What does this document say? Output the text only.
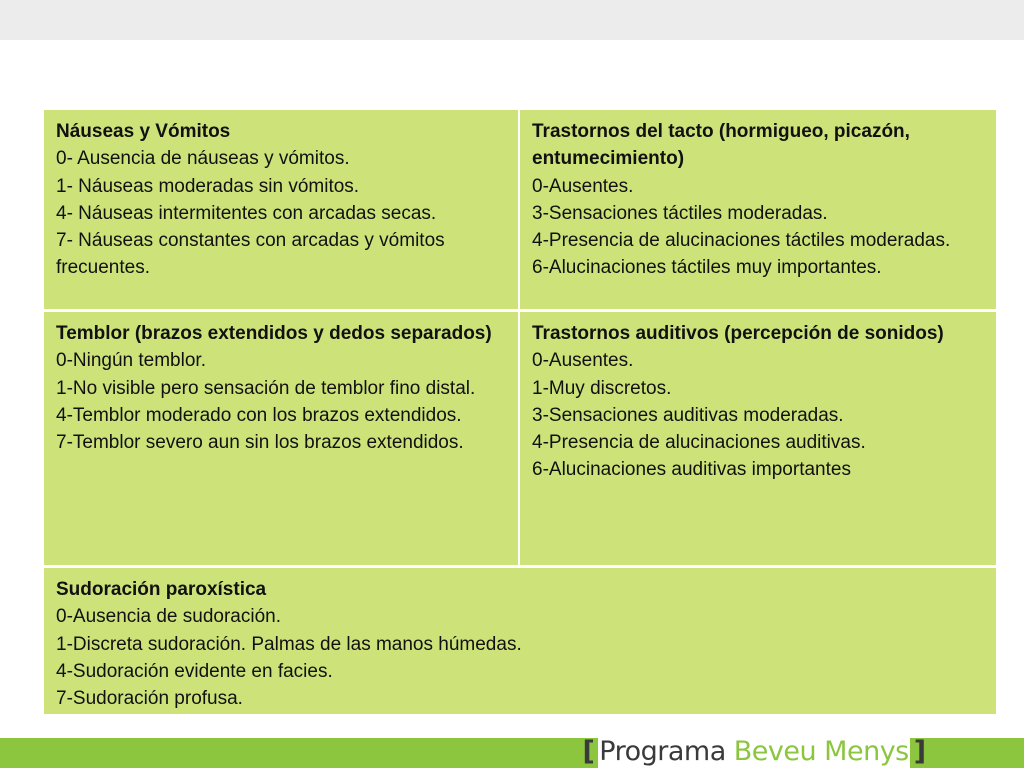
Náuseas y Vómitos
0- Ausencia de náuseas y vómitos.
1- Náuseas moderadas sin vómitos.
4- Náuseas intermitentes con arcadas secas.
7- Náuseas constantes con arcadas y vómitos frecuentes.
Trastornos del tacto (hormigueo, picazón, entumecimiento)
0-Ausentes.
3-Sensaciones táctiles moderadas.
4-Presencia de alucinaciones táctiles moderadas.
6-Alucinaciones táctiles muy importantes.
Temblor (brazos extendidos y dedos separados)
0-Ningún temblor.
1-No visible pero sensación de temblor fino distal.
4-Temblor moderado con los brazos extendidos.
7-Temblor severo aun sin los brazos extendidos.
Trastornos auditivos (percepción de sonidos)
0-Ausentes.
1-Muy discretos.
3-Sensaciones auditivas moderadas.
4-Presencia de alucinaciones auditivas.
6-Alucinaciones auditivas importantes
Sudoración paroxística
0-Ausencia de sudoración.
1-Discreta sudoración. Palmas de las manos húmedas.
4-Sudoración evidente en facies.
7-Sudoración profusa.
[ Programa Beveu Menys ]
